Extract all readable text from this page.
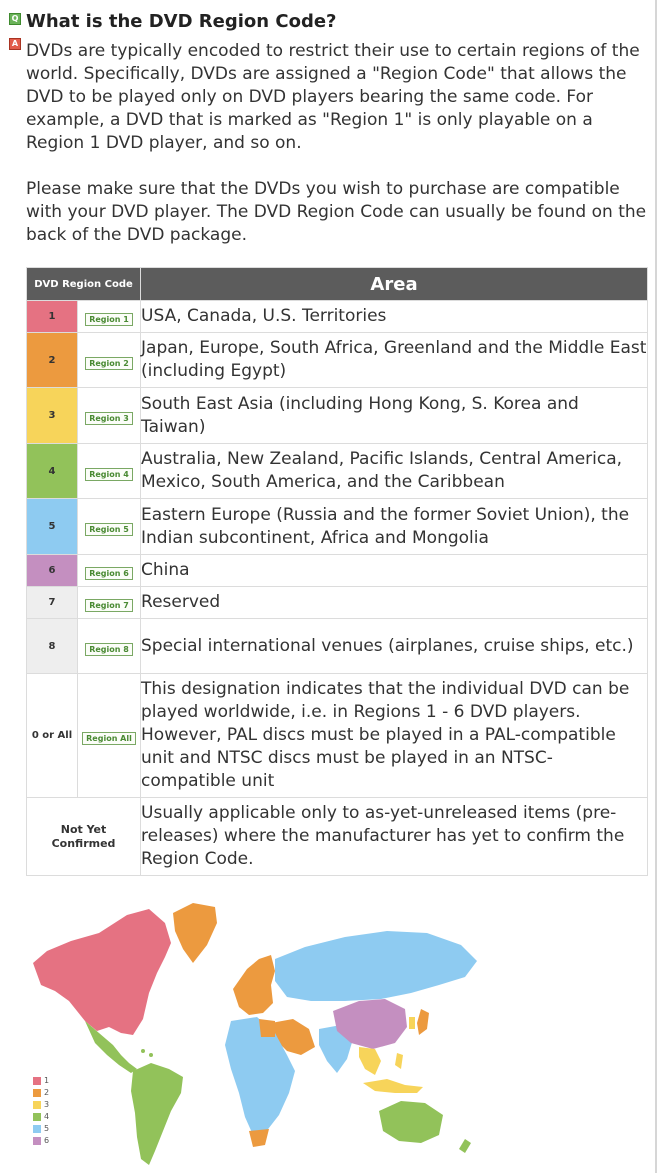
Q What is the DVD Region Code?
A DVDs are typically encoded to restrict their use to certain regions of the world. Specifically, DVDs are assigned a "Region Code" that allows the DVD to be played only on DVD players bearing the same code. For example, a DVD that is marked as "Region 1" is only playable on a Region 1 DVD player, and so on.

Please make sure that the DVDs you wish to purchase are compatible with your DVD player. The DVD Region Code can usually be found on the back of the DVD package.

DVD Region Code		Area
1	Region 1	USA, Canada, U.S. Territories
2	Region 2	Japan, Europe, South Africa, Greenland and the Middle East (including Egypt)
3	Region 3	South East Asia (including Hong Kong, S. Korea and Taiwan)
4	Region 4	Australia, New Zealand, Pacific Islands, Central America, Mexico, South America, and the Caribbean
5	Region 5	Eastern Europe (Russia and the former Soviet Union), the Indian subcontinent, Africa and Mongolia
6	Region 6	China
7	Region 7	Reserved
8	Region 8	Special international venues (airplanes, cruise ships, etc.)
0 or All	Region All	This designation indicates that the individual DVD can be played worldwide, i.e. in Regions 1 - 6 DVD players. However, PAL discs must be played in a PAL-compatible unit and NTSC discs must be played in an NTSC-compatible unit
Not Yet Confirmed		Usually applicable only to as-yet-unreleased items (pre-releases) where the manufacturer has yet to confirm the Region Code.
1
2
3
4
5
6
